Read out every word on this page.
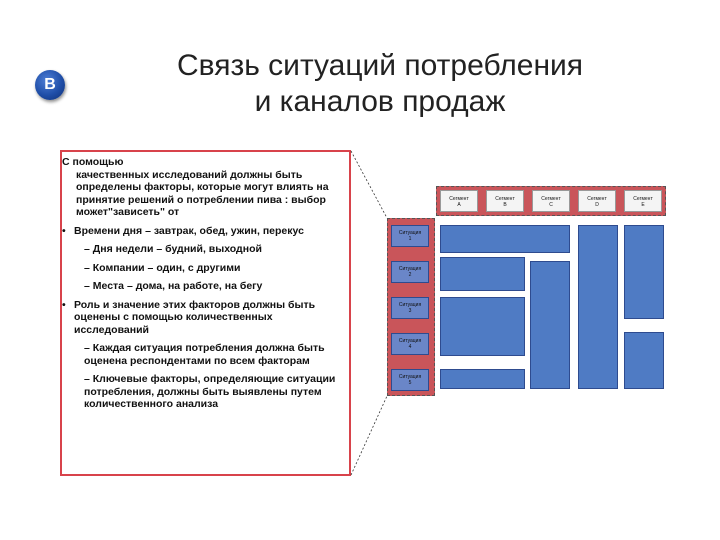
B
Связь ситуаций потребления
и каналов продаж
С помощью
качественных исследований должны быть определены факторы, которые могут влиять на принятие решений о потреблении пива : выбор может"зависеть" от
• Времени дня – завтрак, обед, ужин, перекус
– Дня недели – будний, выходной
– Компании – один, с другими
– Места – дома, на работе, на бегу
• Роль и значение этих факторов должны быть оценены с помощью количественных исследований
– Каждая ситуация потребления должна быть оценена респондентами по всем факторам
– Ключевые факторы, определяющие ситуации потребления, должны быть выявлены путем количественного анализа
Ситуация
1
Ситуация
2
Ситуация
3
Ситуация
4
Ситуация
5
Сегмент
A
Сегмент
B
Сегмент
C
Сегмент
D
Сегмент
E
